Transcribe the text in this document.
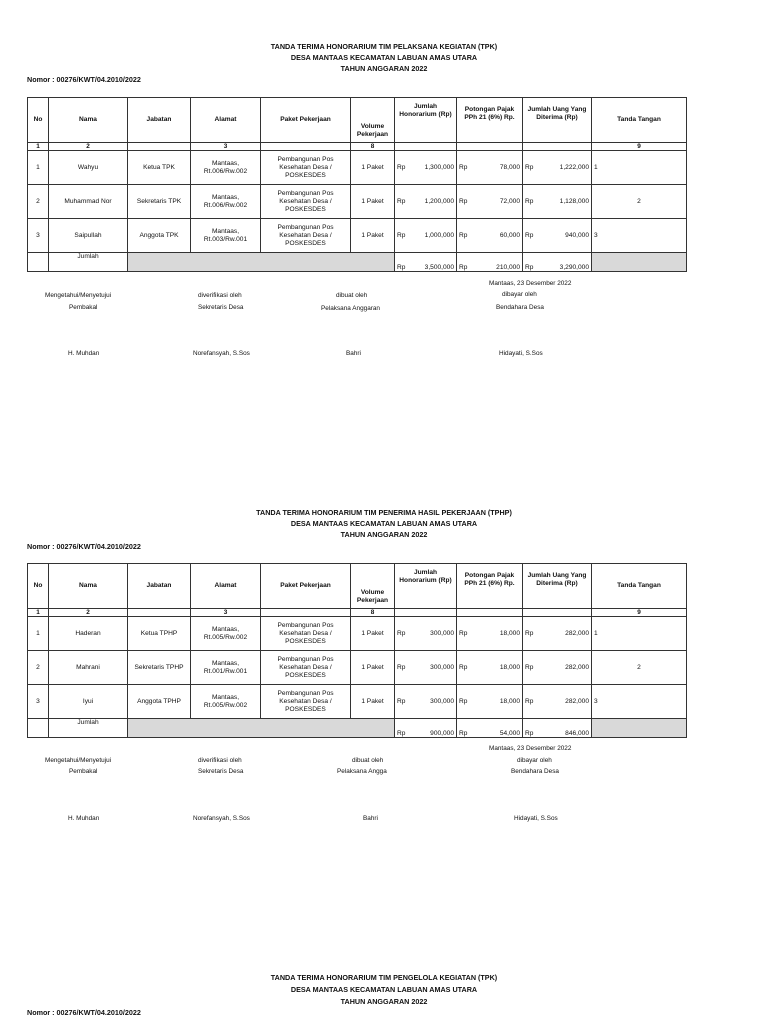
TANDA TERIMA HONORARIUM TIM PELAKSANA KEGIATAN (TPK)
DESA MANTAAS KECAMATAN LABUAN AMAS UTARA
TAHUN ANGGARAN 2022
Nomor : 00276/KWT/04.2010/2022
No	Nama	Jabatan	Alamat	Paket Pekerjaan	Volume Pekerjaan	Jumlah Honorarium (Rp)	Potongan Pajak PPh 21 (6%) Rp.	Jumlah Uang Yang Diterima (Rp)	Tanda Tangan
1	2		3		8				9
1	Wahyu	Ketua TPK	Mantaas, Rt.006/Rw.002	Pembangunan Pos Kesehatan Desa / POSKESDES	1 Paket	Rp 1,300,000	Rp 78,000	Rp 1,222,000	1
2	Muhammad Nor	Sekretaris TPK	Mantaas, Rt.006/Rw.002	Pembangunan Pos Kesehatan Desa / POSKESDES	1 Paket	Rp 1,200,000	Rp 72,000	Rp 1,128,000	2
3	Saipullah	Anggota TPK	Mantaas, Rt.003/Rw.001	Pembangunan Pos Kesehatan Desa / POSKESDES	1 Paket	Rp 1,000,000	Rp 60,000	Rp 940,000	3
	Jumlah					Rp 3,500,000	Rp 210,000	Rp 3,290,000	

Mantaas, 23 Desember 2022
Mengetahui/Menyetujui
Pembakal
H. Muhdan
diverifikasi oleh
Sekretaris Desa
Norefansyah, S.Sos
dibuat oleh
Pelaksana Anggaran
Bahri
dibayar oleh
Bendahara Desa
Hidayati, S.Sos
TANDA TERIMA HONORARIUM TIM PENERIMA HASIL PEKERJAAN (TPHP)
DESA MANTAAS KECAMATAN LABUAN AMAS UTARA
TAHUN ANGGARAN 2022
Nomor : 00276/KWT/04.2010/2022
No	Nama	Jabatan	Alamat	Paket Pekerjaan	Volume Pekerjaan	Jumlah Honorarium (Rp)	Potongan Pajak PPh 21 (6%) Rp.	Jumlah Uang Yang Diterima (Rp)	Tanda Tangan
1	2		3		8				9
1	Haderan	Ketua TPHP	Mantaas, Rt.005/Rw.002	Pembangunan Pos Kesehatan Desa / POSKESDES	1 Paket	Rp 300,000	Rp 18,000	Rp 282,000	1
2	Mahrani	Sekretaris TPHP	Mantaas, Rt.001/Rw.001	Pembangunan Pos Kesehatan Desa / POSKESDES	1 Paket	Rp 300,000	Rp 18,000	Rp 282,000	2
3	Iyui	Anggota TPHP	Mantaas, Rt.005/Rw.002	Pembangunan Pos Kesehatan Desa / POSKESDES	1 Paket	Rp 300,000	Rp 18,000	Rp 282,000	3
	Jumlah					Rp 900,000	Rp 54,000	Rp 846,000	

Mantaas, 23 Desember 2022
Mengetahui/Menyetujui
Pembakal
H. Muhdan
diverifikasi oleh
Sekretaris Desa
Norefansyah, S.Sos
dibuat oleh
Pelaksana Angga
Bahri
dibayar oleh
Bendahara Desa
Hidayati, S.Sos
TANDA TERIMA HONORARIUM TIM PENGELOLA KEGIATAN (TPK)
DESA MANTAAS KECAMATAN LABUAN AMAS UTARA
TAHUN ANGGARAN 2022
Nomor : 00276/KWT/04.2010/2022
